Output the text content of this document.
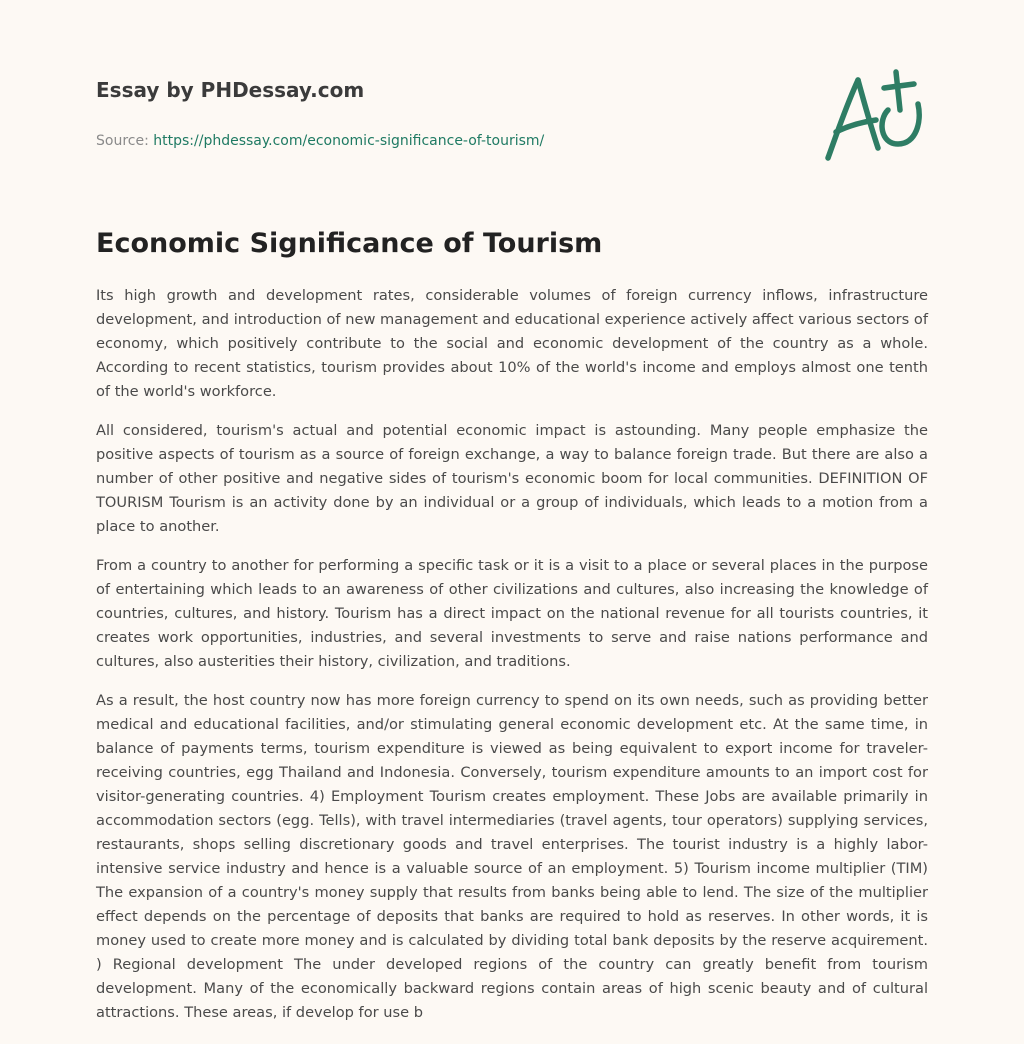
Essay by PHDessay.com
Source: https://phdessay.com/economic-significance-of-tourism/
Economic Significance of Tourism

Its high growth and development rates, considerable volumes of foreign currency inflows, infrastructure development, and introduction of new management and educational experience actively affect various sectors of economy, which positively contribute to the social and economic development of the country as a whole. According to recent statistics, tourism provides about 10% of the world's income and employs almost one tenth of the world's workforce.

All considered, tourism's actual and potential economic impact is astounding. Many people emphasize the positive aspects of tourism as a source of foreign exchange, a way to balance foreign trade. But there are also a number of other positive and negative sides of tourism's economic boom for local communities. DEFINITION OF TOURISM Tourism is an activity done by an individual or a group of individuals, which leads to a motion from a place to another.

From a country to another for performing a specific task or it is a visit to a place or several places in the purpose of entertaining which leads to an awareness of other civilizations and cultures, also increasing the knowledge of countries, cultures, and history. Tourism has a direct impact on the national revenue for all tourists countries, it creates work opportunities, industries, and several investments to serve and raise nations performance and cultures, also austerities their history, civilization, and traditions.

As a result, the host country now has more foreign currency to spend on its own needs, such as providing better medical and educational facilities, and/or stimulating general economic development etc. At the same time, in balance of payments terms, tourism expenditure is viewed as being equivalent to export income for traveler-receiving countries, egg Thailand and Indonesia. Conversely, tourism expenditure amounts to an import cost for visitor-generating countries. 4) Employment Tourism creates employment. These Jobs are available primarily in accommodation sectors (egg. Tells), with travel intermediaries (travel agents, tour operators) supplying services, restaurants, shops selling discretionary goods and travel enterprises. The tourist industry is a highly labor-intensive service industry and hence is a valuable source of an employment. 5) Tourism income multiplier (TIM) The expansion of a country's money supply that results from banks being able to lend. The size of the multiplier effect depends on the percentage of deposits that banks are required to hold as reserves. In other words, it is money used to create more money and is calculated by dividing total bank deposits by the reserve acquirement. ) Regional development The under developed regions of the country can greatly benefit from tourism development. Many of the economically backward regions contain areas of high scenic beauty and of cultural attractions. These areas, if develop for use b
